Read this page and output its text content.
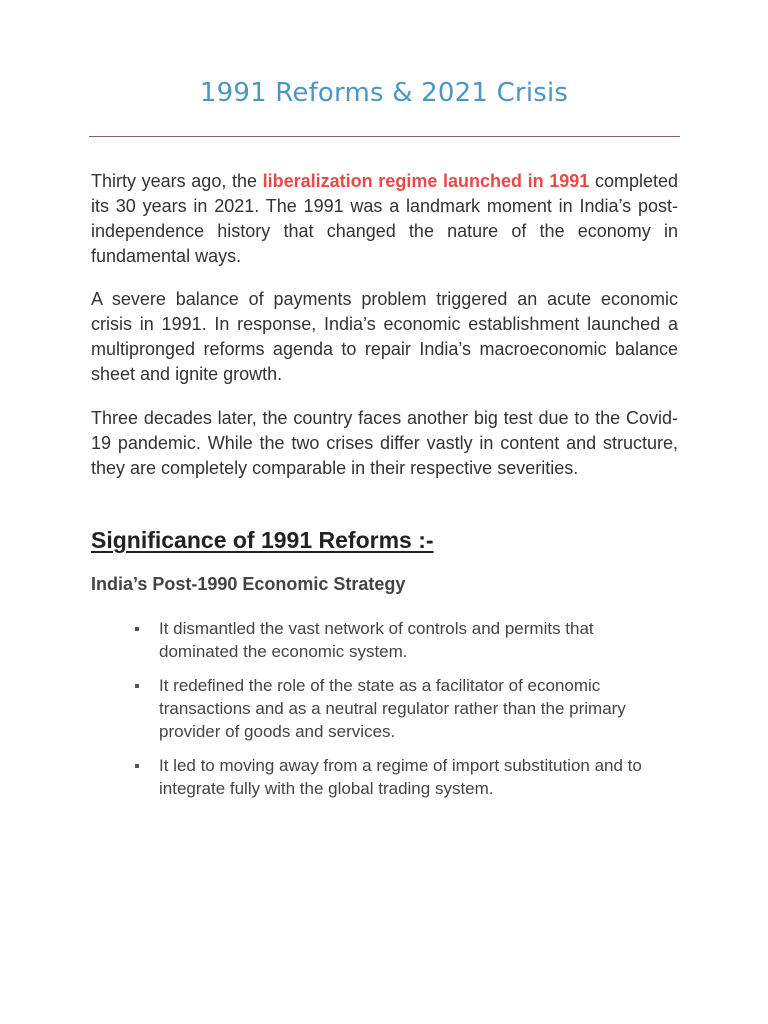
1991 Reforms & 2021 Crisis

Thirty years ago, the liberalization regime launched in 1991 completed its 30 years in 2021. The 1991 was a landmark moment in India’s post-independence history that changed the nature of the economy in fundamental ways.

A severe balance of payments problem triggered an acute economic crisis in 1991. In response, India’s economic establishment launched a multipronged reforms agenda to repair India’s macroeconomic balance sheet and ignite growth.

Three decades later, the country faces another big test due to the Covid-19 pandemic. While the two crises differ vastly in content and structure, they are completely comparable in their respective severities.

Significance of 1991 Reforms :-
India’s Post-1990 Economic Strategy
It dismantled the vast network of controls and permits that dominated the economic system.
It redefined the role of the state as a facilitator of economic transactions and as a neutral regulator rather than the primary provider of goods and services.
It led to moving away from a regime of import substitution and to integrate fully with the global trading system.
